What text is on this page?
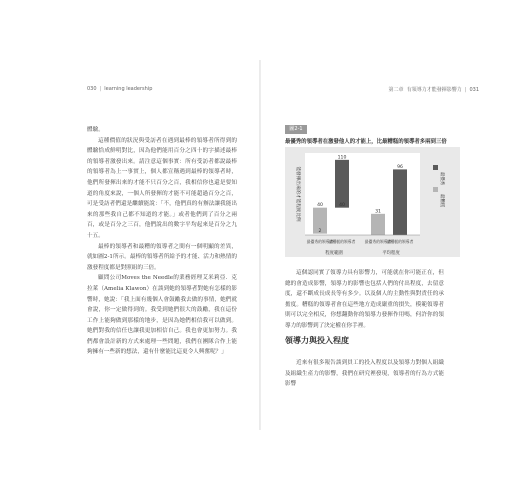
030 | learning leadership

體驗。

這種價值的狀況與受訪者在遇到最棒的領導者所得到的體驗恰成鮮明對比，因為他們能用百分之四十的字描述最棒的領導者激發出來。請注意這個事實：所有受訪者都說最棒的領導者為上一事實上，個人都宣稱遇到最棒的領導者時，他們所發揮出來的才能不只百分之百，我相信你也還是要知道的角度來說，一個人所發揮的才能不可能超過百分之百，可是受訪者們還是繼續能說：「不，他們真的有辦法讓我能出來的那些我自己都不知道的才能。」或者他們到了百分之兩百，或是百分之三百，他們說出的數字平均起來是百分之九十五。

最棒的領導者和最糟的領導者之間有一個明顯的差異，就如圖2-1所示。最棒的領導者所給予的才能、活力和熱情的激發程度都是對照組的三倍。

顧問公司Moves the Needle的業務經理艾米莉亞．克拉萊（Amelia Klawon）在談到她的領導者對她有怎樣的影響時，她說：「我上面有幾個人會鼓勵我去做的事情，她們就會說，你一定做得到的。我受到她們很大的鼓勵，我在這份工作上能夠做到那樣的地步，是因為她們相信我可以做到。她們對我的信任也讓我更加相信自己。我也會更加努力。我們都會設計新的方式來處理一些問題，我們在團隊合作上能夠擁有一些新的想法，還有什麼能比這更令人興奮呢？」

第二章 有領導力才能發揮影響力 | 031
圖2-1
最優秀的領導者在激發他人的才能上，比最糟糕的領導者多兩到三倍
能發揮出來的才能程度比例
2
40	40
110
31
96
最優秀的領導者
最糟糕的領導者 最優秀的領導者
最糟糕的領導者
程度範圍	平均程度
最優秀
最糟糕

這個認同實了領導力具有影響力，可能就在你可能正在，但總的會造成影響，領導力的影響也包括人們的付出程度，去留意度，還不斷成長成長等有多少。以及個人的主動性與對責任的承擔度。糟糕的領導者會在這些地方造成嚴重的損失，模範領導者則可以完全相反，你想翻動你的領導力發揮作用嗎，何許你的領導力的影響到了決定權在你手裡。

領導力與投入程度

近來有很多報告談到員工的投入程度以及領導力對個人組織及組織生產力的影響，我們在研究裡發現，領導者的行為方式能影響
